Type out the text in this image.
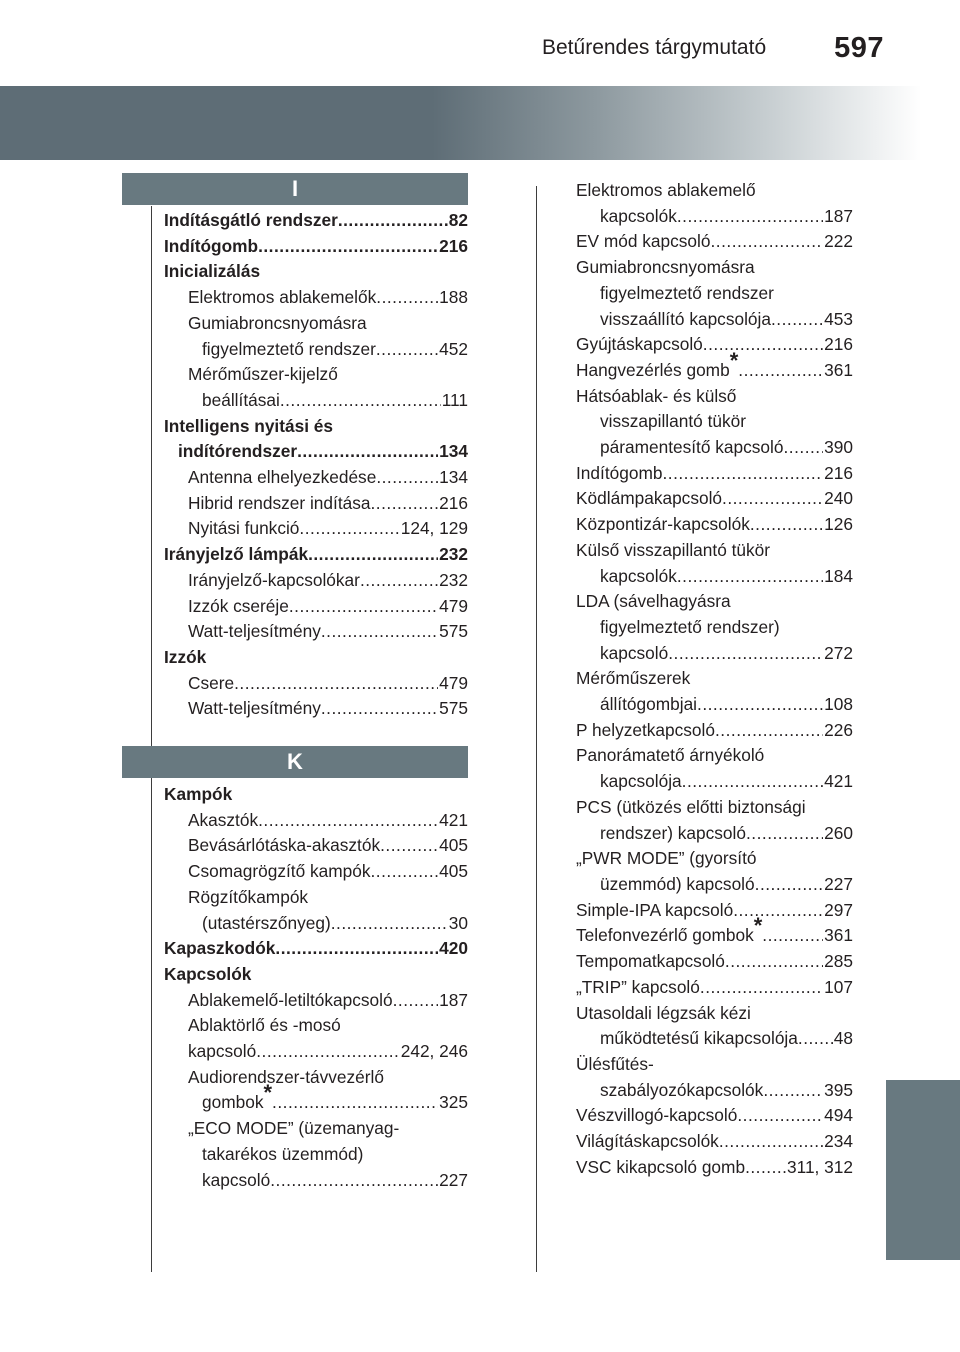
Betűrendes tárgymutató 597
I
K
Indításgátló rendszer .....	82
Indítógomb .....	216
Inicializálás
Elektromos ablakemelők .....	188
Gumiabroncsnyomásra
figyelmeztető rendszer .....	452
Mérőműszer-kijelző
beállításai .....	111
Intelligens nyitási és
indítórendszer .....	134
Antenna elhelyezkedése .....	134
Hibrid rendszer indítása .....	216
Nyitási funkció .....	124, 129
Irányjelző lámpák .....	232
Irányjelző-kapcsolókar .....	232
Izzók cseréje .....	479
Watt-teljesítmény .....	575
Izzók
Csere .....	479
Watt-teljesítmény .....	575
Kampók
Akasztók .....	421
Bevásárlótáska-akasztók .....	405
Csomagrögzítő kampók .....	405
Rögzítőkampók
(utastérszőnyeg) .....	30
Kapaszkodók .....	420
Kapcsolók
Ablakemelő-letiltókapcsoló .....	187
Ablaktörlő és -mosó
kapcsoló .....	242, 246
Audiorendszer-távvezérlő
gombok* .....	325
„ECO MODE” (üzemanyag-
takarékos üzemmód)
kapcsoló .....	227
Elektromos ablakemelő
kapcsolók .....	187
EV mód kapcsoló .....	222
Gumiabroncsnyomásra
figyelmeztető rendszer
visszaállító kapcsolója .....	453
Gyújtáskapcsoló .....	216
Hangvezérlés gomb* .....	361
Hátsóablak- és külső
visszapillantó tükör
páramentesítő kapcsoló ..... 390
Indítógomb .....	216
Ködlámpakapcsoló .....	240
Központizár-kapcsolók .....	126
Külső visszapillantó tükör
kapcsolók .....	184
LDA (sávelhagyásra
figyelmeztető rendszer)
kapcsoló .....	272
Mérőműszerek
állítógombjai .....	108
P helyzetkapcsoló .....	226
Panorámatető árnyékoló
kapcsolója .....	421
PCS (ütközés előtti biztonsági
rendszer) kapcsoló .....	260
„PWR MODE” (gyorsító
üzemmód) kapcsoló .....	227
Simple-IPA kapcsoló .....	297
Telefonvezérlő gombok* .....	361
Tempomatkapcsoló .....	285
„TRIP” kapcsoló .....	107
Utasoldali légzsák kézi
működtetésű kikapcsolója ..... 48
Ülésfűtés-
szabályozókapcsolók .....	395
Vészvillogó-kapcsoló .....	494
Világításkapcsolók .....	234
VSC kikapcsoló gomb ..... 311, 312
